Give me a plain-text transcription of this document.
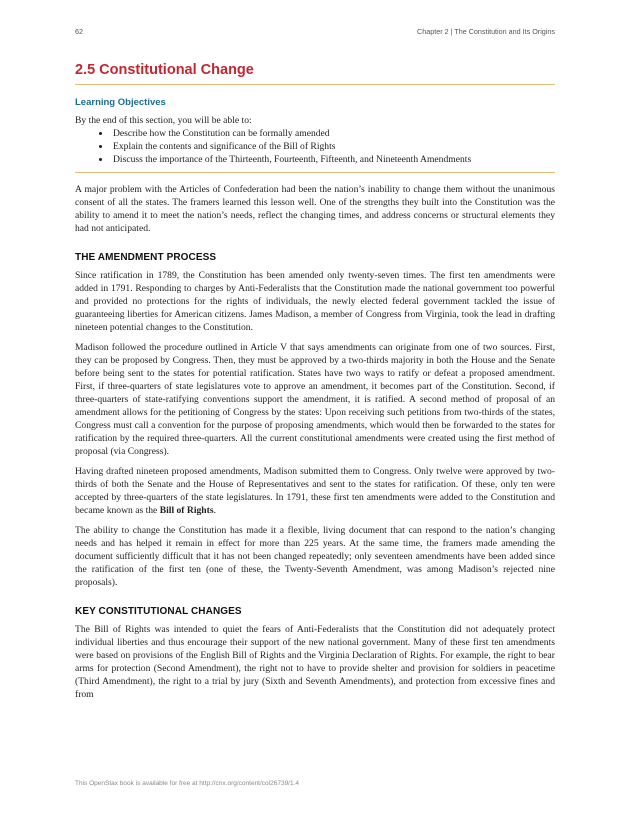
62	Chapter 2 | The Constitution and Its Origins
2.5 Constitutional Change
Learning Objectives

By the end of this section, you will be able to:

• Describe how the Constitution can be formally amended
• Explain the contents and significance of the Bill of Rights
• Discuss the importance of the Thirteenth, Fourteenth, Fifteenth, and Nineteenth Amendments

A major problem with the Articles of Confederation had been the nation’s inability to change them without the unanimous consent of all the states. The framers learned this lesson well. One of the strengths they built into the Constitution was the ability to amend it to meet the nation’s needs, reflect the changing times, and address concerns or structural elements they had not anticipated.

THE AMENDMENT PROCESS

Since ratification in 1789, the Constitution has been amended only twenty-seven times. The first ten amendments were added in 1791. Responding to charges by Anti-Federalists that the Constitution made the national government too powerful and provided no protections for the rights of individuals, the newly elected federal government tackled the issue of guaranteeing liberties for American citizens. James Madison, a member of Congress from Virginia, took the lead in drafting nineteen potential changes to the Constitution.

Madison followed the procedure outlined in Article V that says amendments can originate from one of two sources. First, they can be proposed by Congress. Then, they must be approved by a two-thirds majority in both the House and the Senate before being sent to the states for potential ratification. States have two ways to ratify or defeat a proposed amendment. First, if three-quarters of state legislatures vote to approve an amendment, it becomes part of the Constitution. Second, if three-quarters of state-ratifying conventions support the amendment, it is ratified. A second method of proposal of an amendment allows for the petitioning of Congress by the states: Upon receiving such petitions from two-thirds of the states, Congress must call a convention for the purpose of proposing amendments, which would then be forwarded to the states for ratification by the required three-quarters. All the current constitutional amendments were created using the first method of proposal (via Congress).

Having drafted nineteen proposed amendments, Madison submitted them to Congress. Only twelve were approved by two-thirds of both the Senate and the House of Representatives and sent to the states for ratification. Of these, only ten were accepted by three-quarters of the state legislatures. In 1791, these first ten amendments were added to the Constitution and became known as the Bill of Rights.

The ability to change the Constitution has made it a flexible, living document that can respond to the nation’s changing needs and has helped it remain in effect for more than 225 years. At the same time, the framers made amending the document sufficiently difficult that it has not been changed repeatedly; only seventeen amendments have been added since the ratification of the first ten (one of these, the Twenty-Seventh Amendment, was among Madison’s rejected nine proposals).

KEY CONSTITUTIONAL CHANGES

The Bill of Rights was intended to quiet the fears of Anti-Federalists that the Constitution did not adequately protect individual liberties and thus encourage their support of the new national government. Many of these first ten amendments were based on provisions of the English Bill of Rights and the Virginia Declaration of Rights. For example, the right to bear arms for protection (Second Amendment), the right not to have to provide shelter and provision for soldiers in peacetime (Third Amendment), the right to a trial by jury (Sixth and Seventh Amendments), and protection from excessive fines and from

This OpenStax book is available for free at http://cnx.org/content/col26739/1.4
